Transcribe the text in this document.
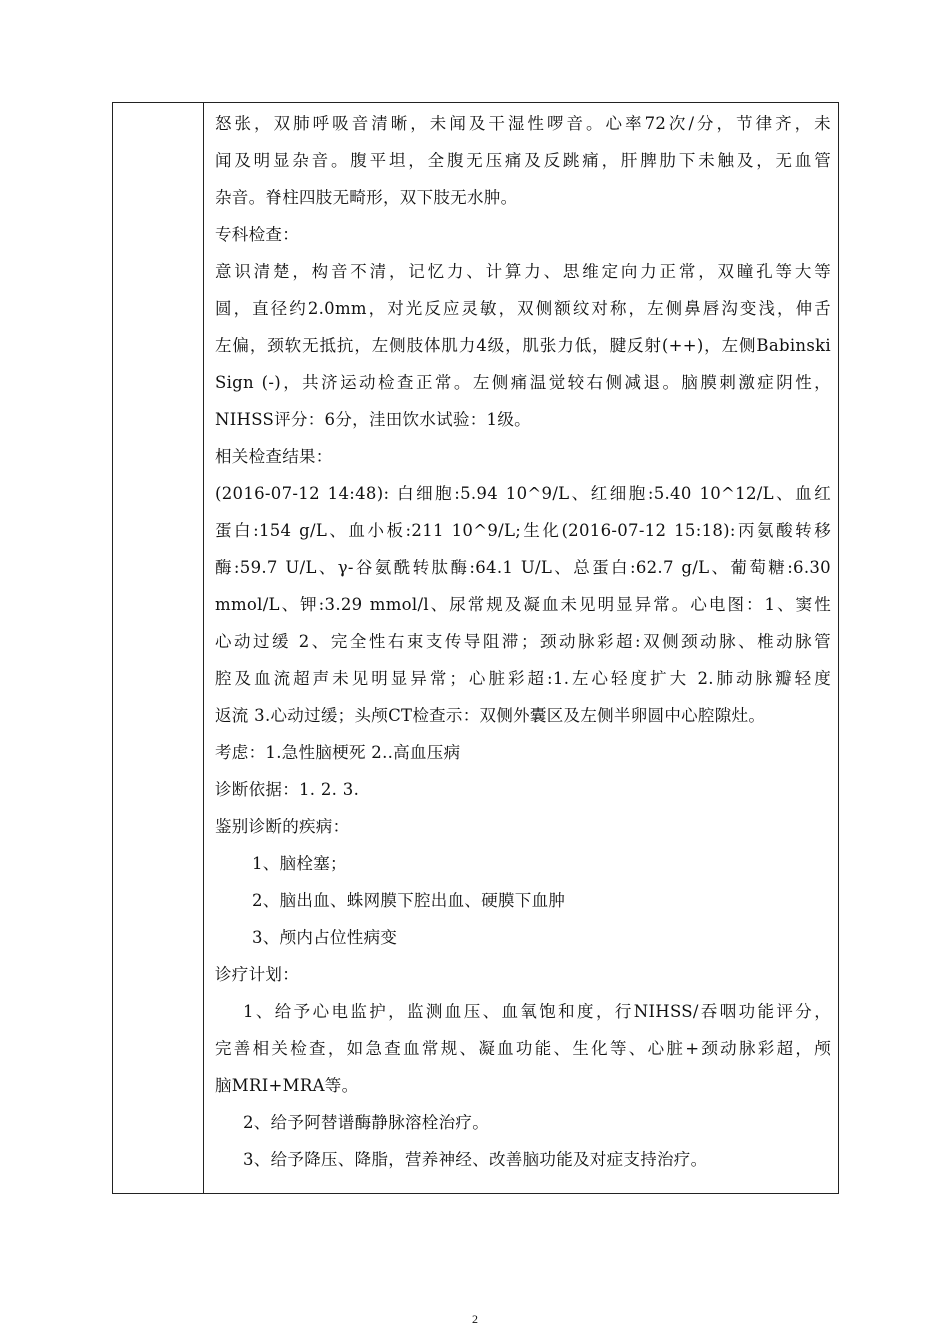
怒张，双肺呼吸音清晰，未闻及干湿性啰音。心率72次/分，节律齐，未
闻及明显杂音。腹平坦，全腹无压痛及反跳痛，肝脾肋下未触及，无血管
杂音。脊柱四肢无畸形，双下肢无水肿。
专科检查：
意识清楚，构音不清，记忆力、计算力、思维定向力正常，双瞳孔等大等
圆，直径约2.0mm，对光反应灵敏，双侧额纹对称，左侧鼻唇沟变浅，伸舌
左偏，颈软无抵抗，左侧肢体肌力4级，肌张力低，腱反射(++)，左侧Babinski
Sign (-)，共济运动检查正常。左侧痛温觉较右侧减退。脑膜刺激症阴性，
NIHSS评分：6分，洼田饮水试验：1级。
相关检查结果：
(2016-07-12 14:48): 白细胞:5.94 10^9/L、红细胞:5.40 10^12/L、血红
蛋白:154 g/L、血小板:211 10^9/L;生化(2016-07-12 15:18):丙氨酸转移
酶:59.7 U/L、γ-谷氨酰转肽酶:64.1 U/L、总蛋白:62.7 g/L、葡萄糖:6.30
mmol/L、钾:3.29 mmol/l、尿常规及凝血未见明显异常。心电图：1、窦性
心动过缓 2、完全性右束支传导阻滞；颈动脉彩超:双侧颈动脉、椎动脉管
腔及血流超声未见明显异常；心脏彩超:1.左心轻度扩大 2.肺动脉瓣轻度
返流 3.心动过缓；头颅CT检查示：双侧外囊区及左侧半卵圆中心腔隙灶。
考虑：1.急性脑梗死 2..高血压病
诊断依据：1. 2. 3.
鉴别诊断的疾病：
1、脑栓塞；
2、脑出血、蛛网膜下腔出血、硬膜下血肿
3、颅内占位性病变
诊疗计划：
1、给予心电监护，监测血压、血氧饱和度，行NIHSS/吞咽功能评分，
完善相关检查，如急查血常规、凝血功能、生化等、心脏+颈动脉彩超，颅
脑MRI+MRA等。
2、给予阿替谱酶静脉溶栓治疗。
3、给予降压、降脂，营养神经、改善脑功能及对症支持治疗。
2
